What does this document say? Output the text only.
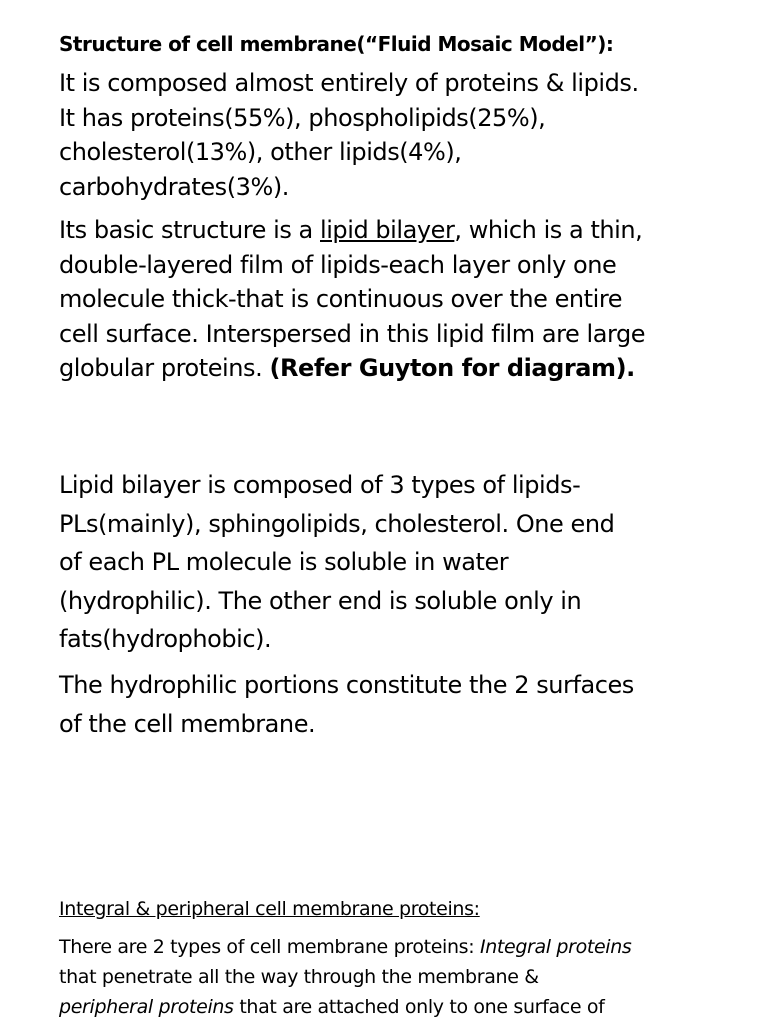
Structure of cell membrane(“Fluid Mosaic Model”):

It is composed almost entirely of proteins & lipids.
It has proteins(55%), phospholipids(25%),
cholesterol(13%), other lipids(4%),
carbohydrates(3%).

Its basic structure is a lipid bilayer, which is a thin,
double-layered film of lipids-each layer only one
molecule thick-that is continuous over the entire
cell surface. Interspersed in this lipid film are large
globular proteins. (Refer Guyton for diagram).

Lipid bilayer is composed of 3 types of lipids-
PLs(mainly), sphingolipids, cholesterol. One end
of each PL molecule is soluble in water
(hydrophilic). The other end is soluble only in
fats(hydrophobic).

The hydrophilic portions constitute the 2 surfaces
of the cell membrane.

Integral & peripheral cell membrane proteins:

There are 2 types of cell membrane proteins: Integral proteins
that penetrate all the way through the membrane &
peripheral proteins that are attached only to one surface of
